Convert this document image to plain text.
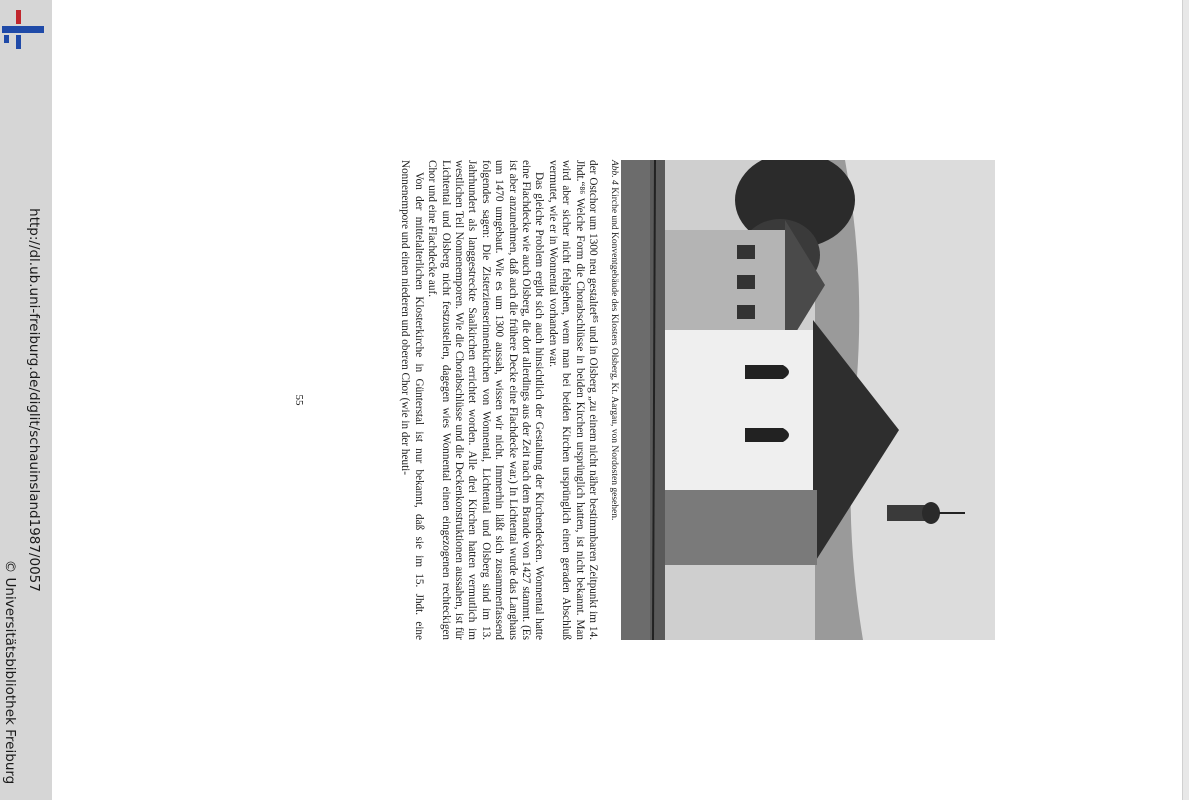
http://dl.ub.uni-freiburg.de/diglit/schauinsland1987/0057
© Universitätsbibliothek Freiburg
Abb. 4 Kirche und Konventgebäude des Klosters Olsberg, Kt. Aargau, von Nordosten gesehen.

der Ostchor um 1300 neu gestaltet⁸⁵ und in Olsberg „zu einem nicht näher bestimmbaren Zeitpunkt im 14. Jhdt.“⁸⁶ Welche Form die Chorabschlüsse in beiden Kirchen ursprünglich hatten, ist nicht bekannt. Man wird aber sicher nicht fehlgehen, wenn man bei beiden Kirchen ursprünglich einen geraden Abschluß vermutet, wie er in Wonnental vorhanden war.

Das gleiche Problem ergibt sich auch hinsichtlich der Gestaltung der Kirchendecken. Wonnental hatte eine Flachdecke wie auch Olsberg, die dort allerdings aus der Zeit nach dem Brande von 1427 stammt. (Es ist aber anzunehmen, daß auch die frühere Decke eine Flachdecke war.) In Lichtental wurde das Langhaus um 1470 umgebaut. Wie es um 1300 aussah, wissen wir nicht. Immerhin läßt sich zusammenfassend folgendes sagen: Die Zisterzienserinnenkirchen von Wonnental, Lichtental und Olsberg sind im 13. Jahrhundert als langgestreckte Saalkirchen errichtet worden. Alle drei Kirchen hatten vermutlich im westlichen Teil Nonnenemporen. Wie die Chorabschlüsse und die Deckenkonstruktionen aussahen, ist für Lichtental und Olsberg nicht festzustellen, dagegen wies Wonnental einen eingezogenen rechteckigen Chor und eine Flachdecke auf.

Von der mittelalterlichen Klosterkirche in Günterstal ist nur bekannt, daß sie im 15. Jhdt. eine Nonnenempore und einen niederen und oberen Chor (wie in der heuti-

55
